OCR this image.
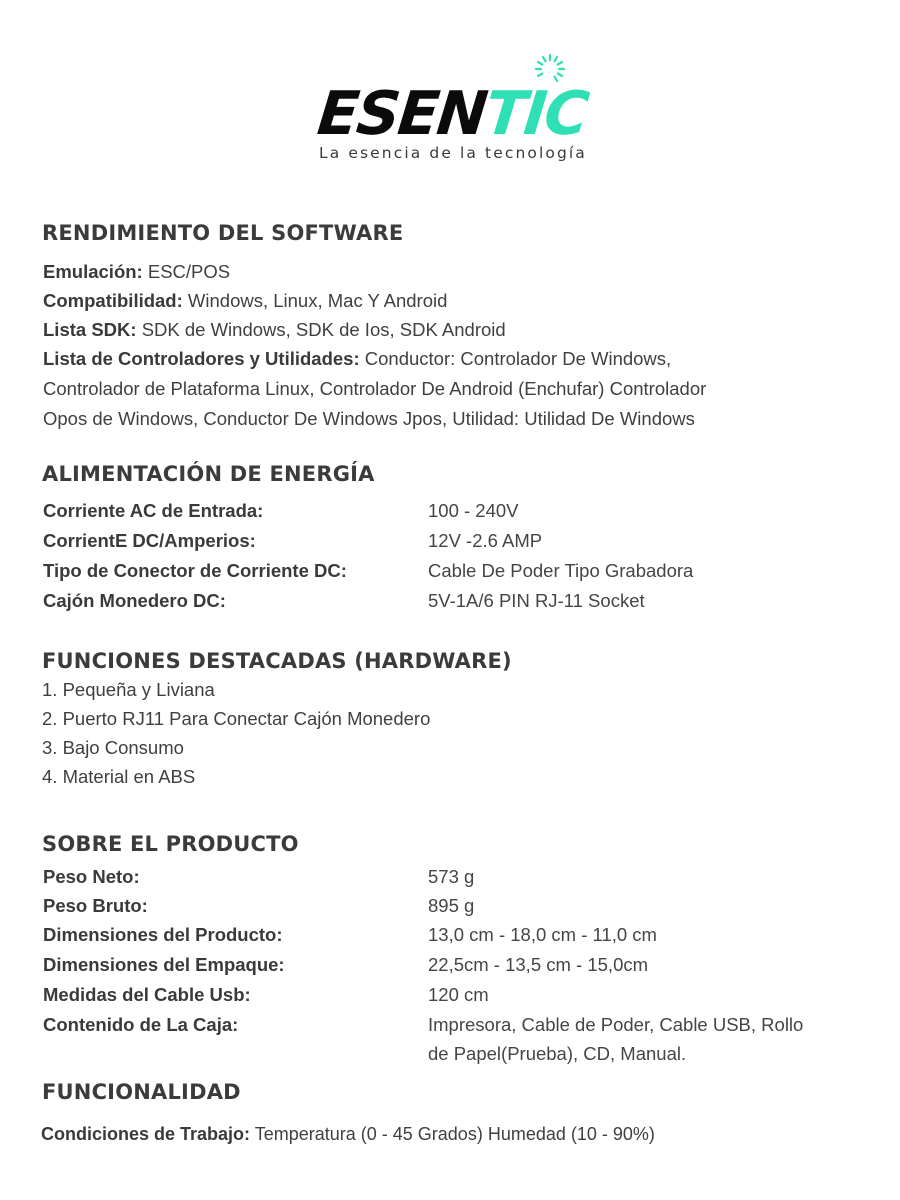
ESENTIC
La esencia de la tecnología
RENDIMIENTO DEL SOFTWARE
Emulación: ESC/POS
Compatibilidad: Windows, Linux, Mac Y Android
Lista SDK: SDK de Windows, SDK de Ios, SDK Android
Lista de Controladores y Utilidades: Conductor: Controlador De Windows,
Controlador de Plataforma Linux, Controlador De Android (Enchufar) Controlador
Opos de Windows, Conductor De Windows Jpos, Utilidad: Utilidad De Windows
ALIMENTACIÓN DE ENERGÍA
Corriente AC de Entrada:	100 - 240V
CorrientE DC/Amperios:	12V -2.6 AMP
Tipo de Conector de Corriente DC:	Cable De Poder Tipo Grabadora
Cajón Monedero DC:	5V-1A/6 PIN RJ-11 Socket
FUNCIONES DESTACADAS (HARDWARE)
1. Pequeña y Liviana
2. Puerto RJ11 Para Conectar Cajón Monedero
3. Bajo Consumo
4. Material en ABS
SOBRE EL PRODUCTO
Peso Neto:	573 g
Peso Bruto:	895 g
Dimensiones del Producto:	13,0 cm - 18,0 cm - 11,0 cm
Dimensiones del Empaque:	22,5cm - 13,5 cm - 15,0cm
Medidas del Cable Usb:	120 cm
Contenido de La Caja:	Impresora, Cable de Poder, Cable USB, Rollo
de Papel(Prueba), CD, Manual.
FUNCIONALIDAD
Condiciones de Trabajo: Temperatura (0 - 45 Grados) Humedad (10 - 90%)
